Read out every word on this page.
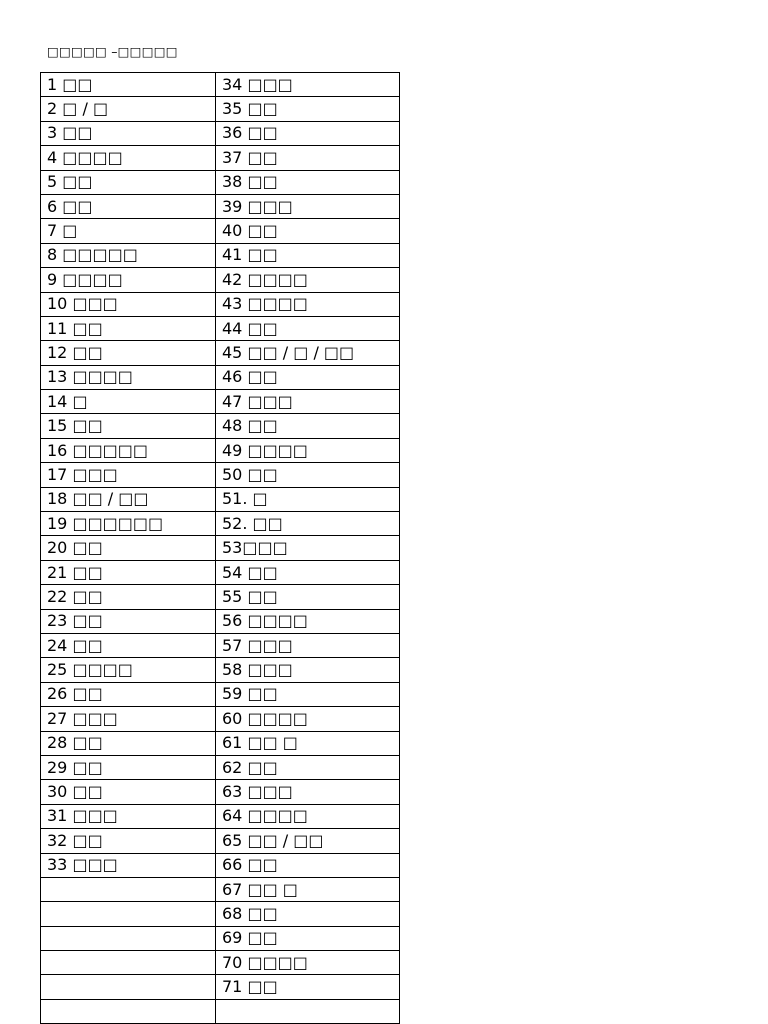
□□□□□ –□□□□□
1 □□	34 □□□
2 □ / □	35 □□
3 □□	36 □□
4 □□□□	37 □□
5 □□	38 □□
6 □□	39 □□□
7 □	40 □□
8 □□□□□	41 □□
9 □□□□	42 □□□□
10 □□□	43 □□□□
11 □□	44 □□
12 □□	45 □□ / □ / □□
13 □□□□	46 □□
14 □	47 □□□
15 □□	48 □□
16 □□□□□	49 □□□□
17 □□□	50 □□
18 □□ / □□	51. □
19 □□□□□□	52. □□
20 □□	53□□□
21 □□	54 □□
22 □□	55 □□
23 □□	56 □□□□
24 □□	57 □□□
25 □□□□	58 □□□
26 □□	59 □□
27 □□□	60 □□□□
28 □□	61 □□ □
29 □□	62 □□
30 □□	63 □□□
31 □□□	64 □□□□
32 □□	65 □□ / □□
33 □□□	66 □□
	67 □□ □
	68 □□
	69 □□
	70 □□□□
	71 □□
